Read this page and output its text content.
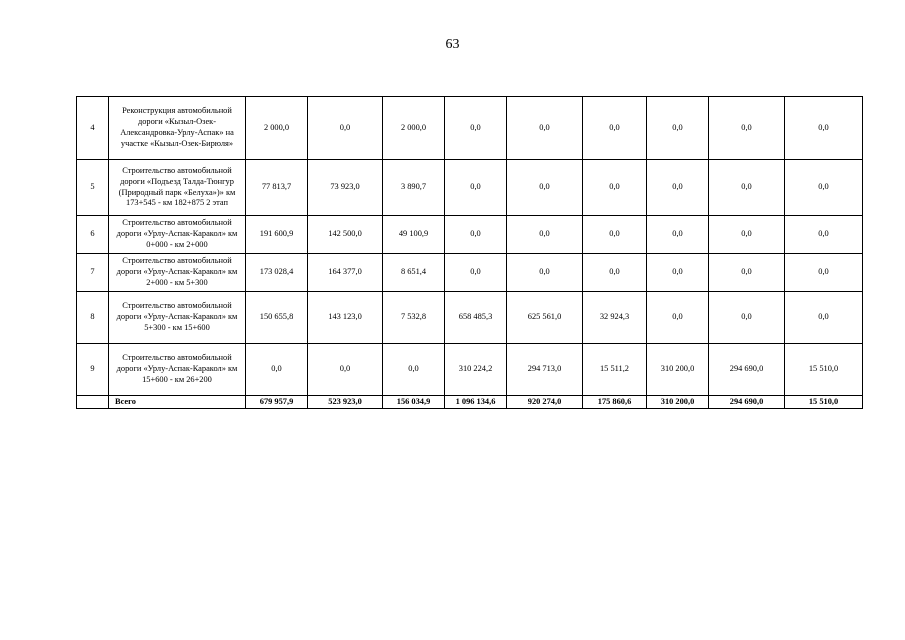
63
4	Реконструкция автомобильной дороги «Кызыл-Озек-Александровка-Урлу-Аспак» на участке «Кызыл-Озек-Бирюля»	2 000,0	0,0	2 000,0	0,0	0,0	0,0	0,0	0,0	0,0
5	Строительство автомобильной дороги «Подъезд Талда-Тюнгур (Природный парк «Белуха»)» км 173+545 - км 182+875 2 этап	77 813,7	73 923,0	3 890,7	0,0	0,0	0,0	0,0	0,0	0,0
6	Строительство автомобильной дороги «Урлу-Аспак-Каракол» км 0+000 - км 2+000	191 600,9	142 500,0	49 100,9	0,0	0,0	0,0	0,0	0,0	0,0
7	Строительство автомобильной дороги «Урлу-Аспак-Каракол» км 2+000 - км 5+300	173 028,4	164 377,0	8 651,4	0,0	0,0	0,0	0,0	0,0	0,0
8	Строительство автомобильной дороги «Урлу-Аспак-Каракол» км 5+300 - км 15+600	150 655,8	143 123,0	7 532,8	658 485,3	625 561,0	32 924,3	0,0	0,0	0,0
9	Строительство автомобильной дороги «Урлу-Аспак-Каракол» км 15+600 - км 26+200	0,0	0,0	0,0	310 224,2	294 713,0	15 511,2	310 200,0	294 690,0	15 510,0
	Всего	679 957,9	523 923,0	156 034,9	1 096 134,6	920 274,0	175 860,6	310 200,0	294 690,0	15 510,0
